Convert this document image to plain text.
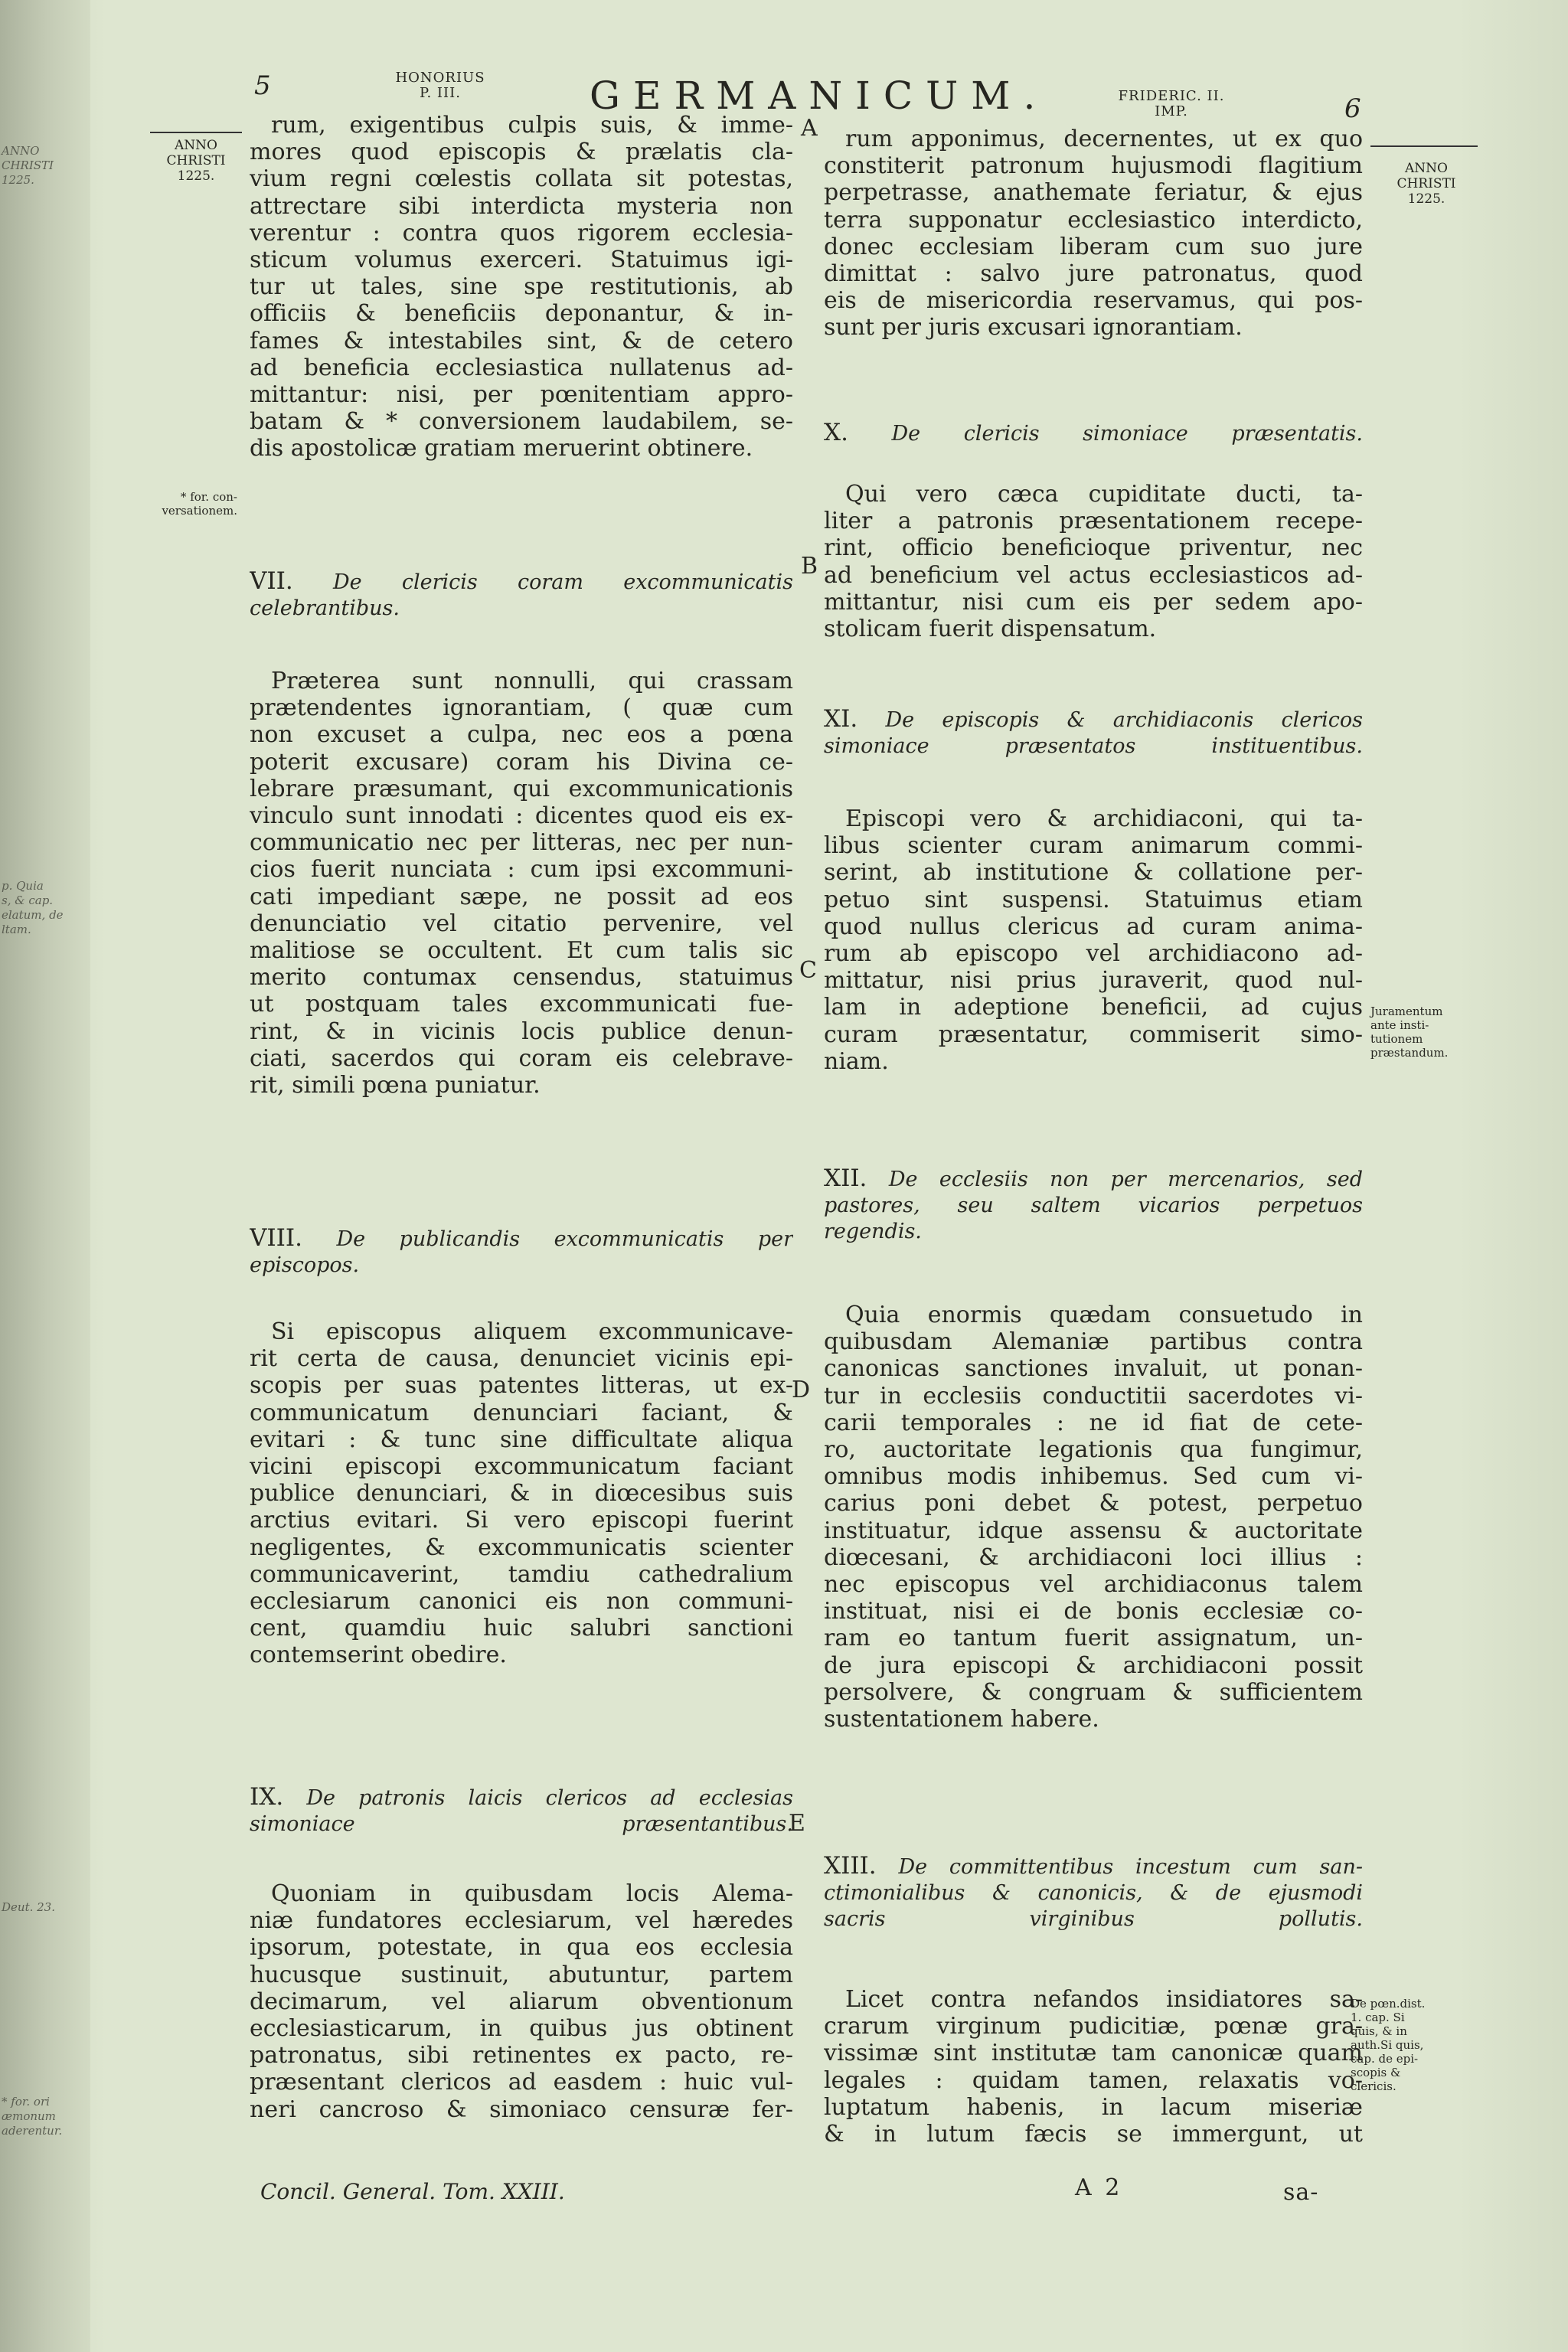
ANNO
CHRISTI
1225.
p. Quia
s, & cap.
elatum, de
ltam.
Deut. 23.
* for. ori
æmonum
aderentur.
5	HONORIUS
P. III.	GERMANICUM.	FRIDERIC. II.
IMP.	6
ANNO
CHRISTI
1225.	ANNO
CHRISTI
1225.
* for. con-
versationem.
Juramentum
ante insti-
tutionem
præstandum.
De pœn.dist.
1. cap. Si
quis, & in
auth.Si quis,
cap. de epi-
scopis &
clericis.
A
B
C
D
E

rum, exigentibus culpis suis, & imme-

mores quod episcopis & prælatis cla-

vium regni cœlestis collata sit potestas,

attrectare sibi interdicta mysteria non

verentur : contra quos rigorem ecclesia-

sticum volumus exerceri. Statuimus igi-

tur ut tales, sine spe restitutionis, ab

officiis & beneficiis deponantur, & in-

fames & intestabiles sint, & de cetero

ad beneficia ecclesiastica nullatenus ad-

mittantur: nisi, per pœnitentiam appro-

batam & * conversionem laudabilem, se-

dis apostolicæ gratiam meruerint obtinere.

VII. De clericis coram excommunicatis

celebrantibus.

Præterea sunt nonnulli, qui crassam

prætendentes ignorantiam, ( quæ cum

non excuset a culpa, nec eos a pœna

poterit excusare) coram his Divina ce-

lebrare præsumant, qui excommunicationis

vinculo sunt innodati : dicentes quod eis ex-

communicatio nec per litteras, nec per nun-

cios fuerit nunciata : cum ipsi excommuni-

cati impediant sæpe, ne possit ad eos

denunciatio vel citatio pervenire, vel

malitiose se occultent. Et cum talis sic

merito contumax censendus, statuimus

ut postquam tales excommunicati fue-

rint, & in vicinis locis publice denun-

ciati, sacerdos qui coram eis celebrave-

rit, simili pœna puniatur.

VIII. De publicandis excommunicatis per

episcopos.

Si episcopus aliquem excommunicave-

rit certa de causa, denunciet vicinis epi-

scopis per suas patentes litteras, ut ex-

communicatum denunciari faciant, &

evitari : & tunc sine difficultate aliqua

vicini episcopi excommunicatum faciant

publice denunciari, & in diœcesibus suis

arctius evitari. Si vero episcopi fuerint

negligentes, & excommunicatis scienter

communicaverint, tamdiu cathedralium

ecclesiarum canonici eis non communi-

cent, quamdiu huic salubri sanctioni

contemserint obedire.

IX. De patronis laicis clericos ad ecclesias

simoniace præsentantibus.

Quoniam in quibusdam locis Alema-

niæ fundatores ecclesiarum, vel hæredes

ipsorum, potestate, in qua eos ecclesia

hucusque sustinuit, abutuntur, partem

decimarum, vel aliarum obventionum

ecclesiasticarum, in quibus jus obtinent

patronatus, sibi retinentes ex pacto, re-

præsentant clericos ad easdem : huic vul-

neri cancroso & simoniaco censuræ fer-

rum apponimus, decernentes, ut ex quo

constiterit patronum hujusmodi flagitium

perpetrasse, anathemate feriatur, & ejus

terra supponatur ecclesiastico interdicto,

donec ecclesiam liberam cum suo jure

dimittat : salvo jure patronatus, quod

eis de misericordia reservamus, qui pos-

sunt per juris excusari ignorantiam.

X. De clericis simoniace præsentatis.

Qui vero cæca cupiditate ducti, ta-

liter a patronis præsentationem recepe-

rint, officio beneficioque priventur, nec

ad beneficium vel actus ecclesiasticos ad-

mittantur, nisi cum eis per sedem apo-

stolicam fuerit dispensatum.

XI. De episcopis & archidiaconis clericos

simoniace præsentatos instituentibus.

Episcopi vero & archidiaconi, qui ta-

libus scienter curam animarum commi-

serint, ab institutione & collatione per-

petuo sint suspensi. Statuimus etiam

quod nullus clericus ad curam anima-

rum ab episcopo vel archidiacono ad-

mittatur, nisi prius juraverit, quod nul-

lam in adeptione beneficii, ad cujus

curam præsentatur, commiserit simo-

niam.

XII. De ecclesiis non per mercenarios, sed

pastores, seu saltem vicarios perpetuos

regendis.

Quia enormis quædam consuetudo in

quibusdam Alemaniæ partibus contra

canonicas sanctiones invaluit, ut ponan-

tur in ecclesiis conductitii sacerdotes vi-

carii temporales : ne id fiat de cete-

ro, auctoritate legationis qua fungimur,

omnibus modis inhibemus. Sed cum vi-

carius poni debet & potest, perpetuo

instituatur, idque assensu & auctoritate

diœcesani, & archidiaconi loci illius :

nec episcopus vel archidiaconus talem

instituat, nisi ei de bonis ecclesiæ co-

ram eo tantum fuerit assignatum, un-

de jura episcopi & archidiaconi possit

persolvere, & congruam & sufficientem

sustentationem habere.

XIII. De committentibus incestum cum san-

ctimonialibus & canonicis, & de ejusmodi

sacris virginibus pollutis.

Licet contra nefandos insidiatores sa-

crarum virginum pudicitiæ, pœnæ gra-

vissimæ sint institutæ tam canonicæ quam

legales : quidam tamen, relaxatis vo-

luptatum habenis, in lacum miseriæ

& in lutum fæcis se immergunt, ut

Concil. General. Tom. XXIII.	A 2	sa-
